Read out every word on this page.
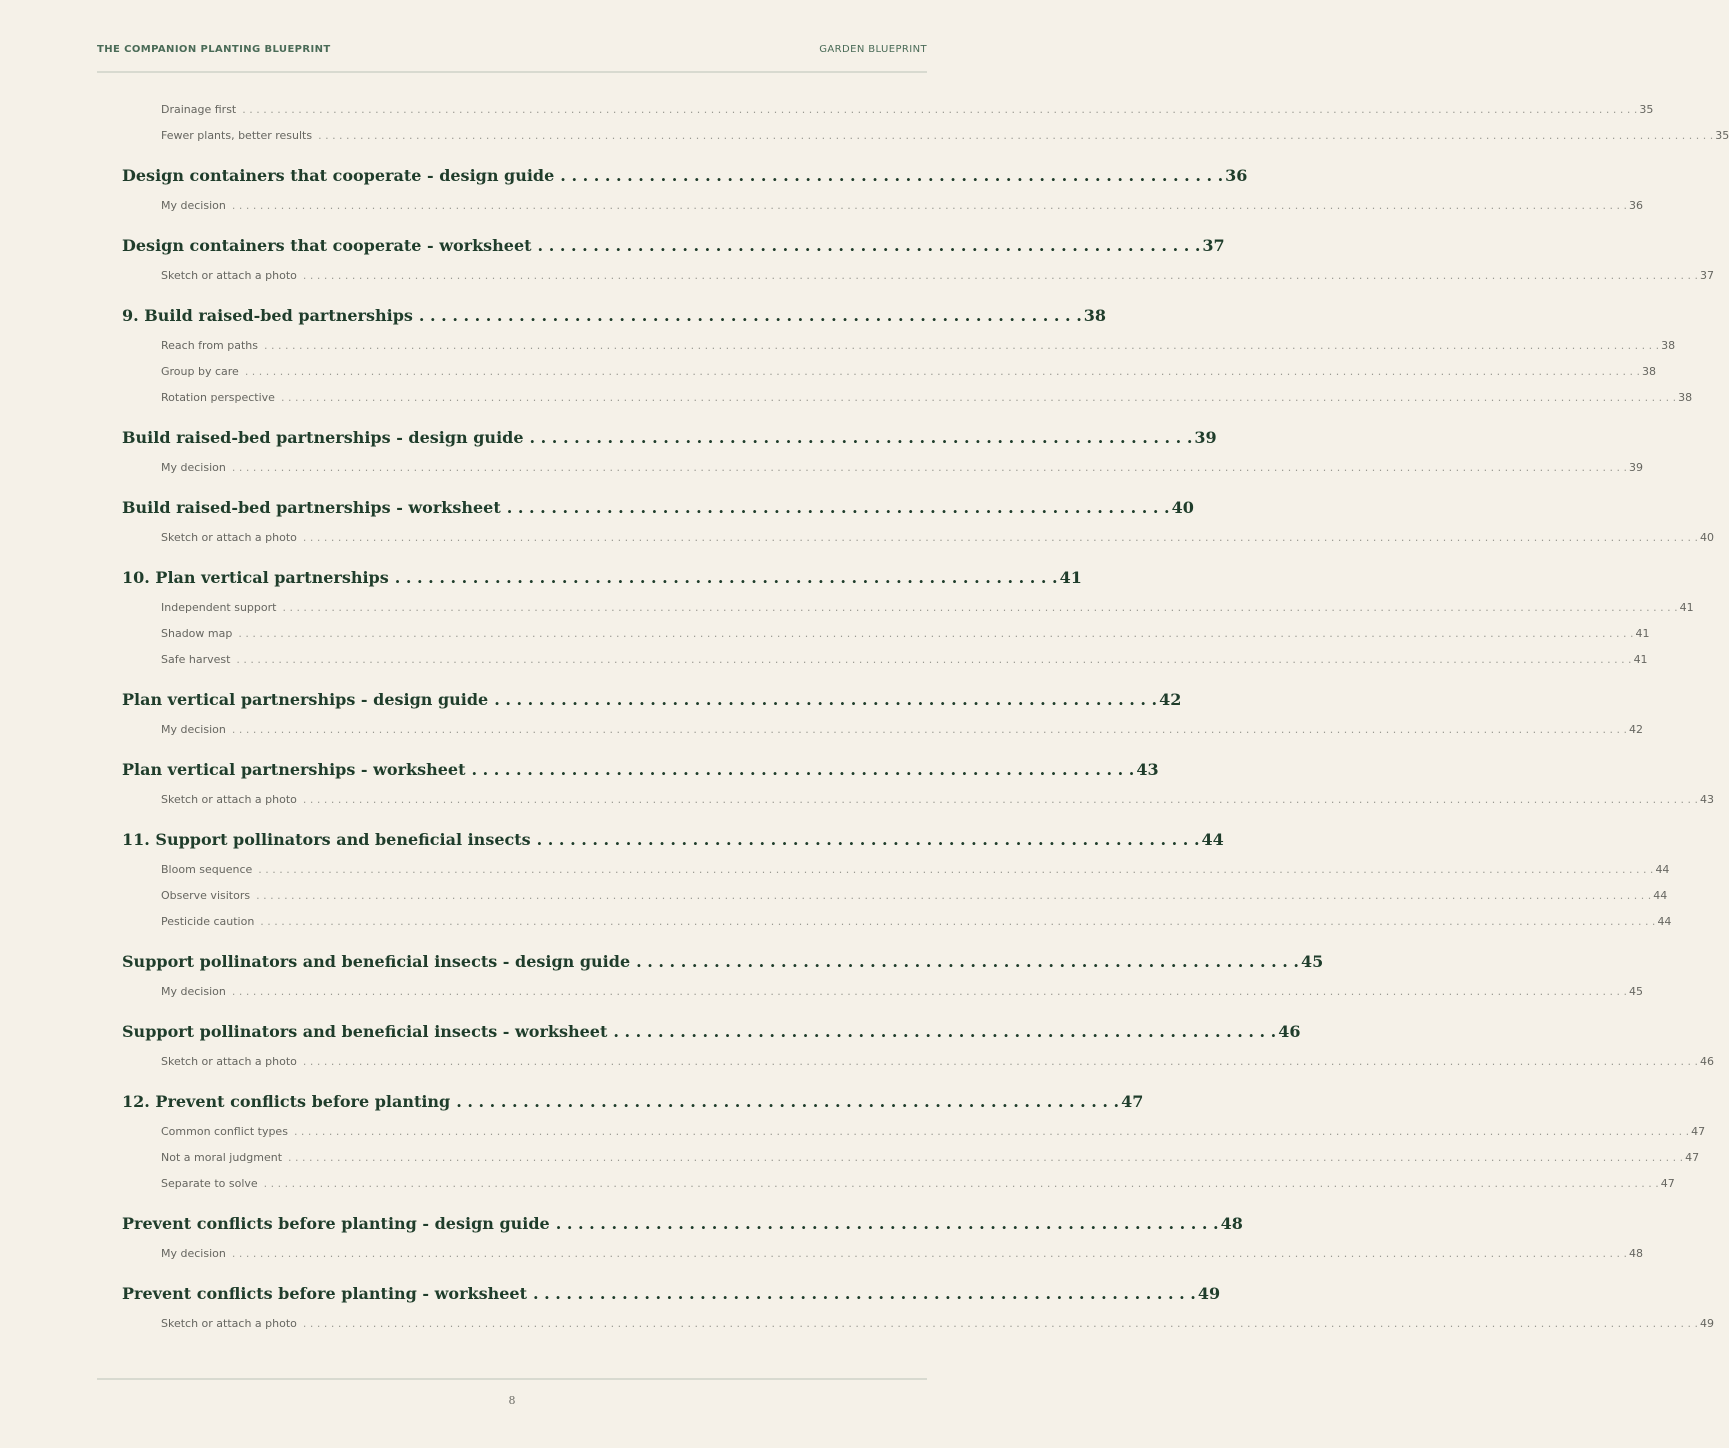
THE COMPANION PLANTING BLUEPRINT	GARDEN BLUEPRINT
Drainage first . . . . . . . . . . . . . . . . . . . . . . . . . . . . . . . . . . . . . . . . . . . . . . . . . . . . . . . . . . . . . . . . . . . . . . . . . . . . . . . . . . . . . . . . . . . . . . . . . . . . . . . . . . . . . . . . . . . . . . . . . . . . . . . . . . . . . . . . . . . . . . . . . . . . . . . . . . . . . . . . . . . . . . . . . . . . . . . . . . . . . . . . . . . . . . . . . . . . . . . . 35
Fewer plants, better results . . . . . . . . . . . . . . . . . . . . . . . . . . . . . . . . . . . . . . . . . . . . . . . . . . . . . . . . . . . . . . . . . . . . . . . . . . . . . . . . . . . . . . . . . . . . . . . . . . . . . . . . . . . . . . . . . . . . . . . . . . . . . . . . . . . . . . . . . . . . . . . . . . . . . . . . . . . . . . . . . . . . . . . . . . . . . . . . . . . . . . . . . . . . . . . . . . . . . . . . 35
Design containers that cooperate - design guide . . . . . . . . . . . . . . . . . . . . . . . . . . . . . . . . . . . . . . . . . . . . . . . . . . . . . . . . . . . . 36
My decision . . . . . . . . . . . . . . . . . . . . . . . . . . . . . . . . . . . . . . . . . . . . . . . . . . . . . . . . . . . . . . . . . . . . . . . . . . . . . . . . . . . . . . . . . . . . . . . . . . . . . . . . . . . . . . . . . . . . . . . . . . . . . . . . . . . . . . . . . . . . . . . . . . . . . . . . . . . . . . . . . . . . . . . . . . . . . . . . . . . . . . . . . . . . . . . . . . . . . . . . 36
Design containers that cooperate - worksheet . . . . . . . . . . . . . . . . . . . . . . . . . . . . . . . . . . . . . . . . . . . . . . . . . . . . . . . . . . . . 37
Sketch or attach a photo . . . . . . . . . . . . . . . . . . . . . . . . . . . . . . . . . . . . . . . . . . . . . . . . . . . . . . . . . . . . . . . . . . . . . . . . . . . . . . . . . . . . . . . . . . . . . . . . . . . . . . . . . . . . . . . . . . . . . . . . . . . . . . . . . . . . . . . . . . . . . . . . . . . . . . . . . . . . . . . . . . . . . . . . . . . . . . . . . . . . . . . . . . . . . . . . . . . . . . . . 37
9. Build raised-bed partnerships . . . . . . . . . . . . . . . . . . . . . . . . . . . . . . . . . . . . . . . . . . . . . . . . . . . . . . . . . . . . 38
Reach from paths . . . . . . . . . . . . . . . . . . . . . . . . . . . . . . . . . . . . . . . . . . . . . . . . . . . . . . . . . . . . . . . . . . . . . . . . . . . . . . . . . . . . . . . . . . . . . . . . . . . . . . . . . . . . . . . . . . . . . . . . . . . . . . . . . . . . . . . . . . . . . . . . . . . . . . . . . . . . . . . . . . . . . . . . . . . . . . . . . . . . . . . . . . . . . . . . . . . . . . . . 38
Group by care . . . . . . . . . . . . . . . . . . . . . . . . . . . . . . . . . . . . . . . . . . . . . . . . . . . . . . . . . . . . . . . . . . . . . . . . . . . . . . . . . . . . . . . . . . . . . . . . . . . . . . . . . . . . . . . . . . . . . . . . . . . . . . . . . . . . . . . . . . . . . . . . . . . . . . . . . . . . . . . . . . . . . . . . . . . . . . . . . . . . . . . . . . . . . . . . . . . . . . . . 38
Rotation perspective . . . . . . . . . . . . . . . . . . . . . . . . . . . . . . . . . . . . . . . . . . . . . . . . . . . . . . . . . . . . . . . . . . . . . . . . . . . . . . . . . . . . . . . . . . . . . . . . . . . . . . . . . . . . . . . . . . . . . . . . . . . . . . . . . . . . . . . . . . . . . . . . . . . . . . . . . . . . . . . . . . . . . . . . . . . . . . . . . . . . . . . . . . . . . . . . . . . . . . . . 38
Build raised-bed partnerships - design guide . . . . . . . . . . . . . . . . . . . . . . . . . . . . . . . . . . . . . . . . . . . . . . . . . . . . . . . . . . . . 39
My decision . . . . . . . . . . . . . . . . . . . . . . . . . . . . . . . . . . . . . . . . . . . . . . . . . . . . . . . . . . . . . . . . . . . . . . . . . . . . . . . . . . . . . . . . . . . . . . . . . . . . . . . . . . . . . . . . . . . . . . . . . . . . . . . . . . . . . . . . . . . . . . . . . . . . . . . . . . . . . . . . . . . . . . . . . . . . . . . . . . . . . . . . . . . . . . . . . . . . . . . . 39
Build raised-bed partnerships - worksheet . . . . . . . . . . . . . . . . . . . . . . . . . . . . . . . . . . . . . . . . . . . . . . . . . . . . . . . . . . . . 40
Sketch or attach a photo . . . . . . . . . . . . . . . . . . . . . . . . . . . . . . . . . . . . . . . . . . . . . . . . . . . . . . . . . . . . . . . . . . . . . . . . . . . . . . . . . . . . . . . . . . . . . . . . . . . . . . . . . . . . . . . . . . . . . . . . . . . . . . . . . . . . . . . . . . . . . . . . . . . . . . . . . . . . . . . . . . . . . . . . . . . . . . . . . . . . . . . . . . . . . . . . . . . . . . . . 40
10. Plan vertical partnerships . . . . . . . . . . . . . . . . . . . . . . . . . . . . . . . . . . . . . . . . . . . . . . . . . . . . . . . . . . . . 41
Independent support . . . . . . . . . . . . . . . . . . . . . . . . . . . . . . . . . . . . . . . . . . . . . . . . . . . . . . . . . . . . . . . . . . . . . . . . . . . . . . . . . . . . . . . . . . . . . . . . . . . . . . . . . . . . . . . . . . . . . . . . . . . . . . . . . . . . . . . . . . . . . . . . . . . . . . . . . . . . . . . . . . . . . . . . . . . . . . . . . . . . . . . . . . . . . . . . . . . . . . . . 41
Shadow map . . . . . . . . . . . . . . . . . . . . . . . . . . . . . . . . . . . . . . . . . . . . . . . . . . . . . . . . . . . . . . . . . . . . . . . . . . . . . . . . . . . . . . . . . . . . . . . . . . . . . . . . . . . . . . . . . . . . . . . . . . . . . . . . . . . . . . . . . . . . . . . . . . . . . . . . . . . . . . . . . . . . . . . . . . . . . . . . . . . . . . . . . . . . . . . . . . . . . . . . 41
Safe harvest . . . . . . . . . . . . . . . . . . . . . . . . . . . . . . . . . . . . . . . . . . . . . . . . . . . . . . . . . . . . . . . . . . . . . . . . . . . . . . . . . . . . . . . . . . . . . . . . . . . . . . . . . . . . . . . . . . . . . . . . . . . . . . . . . . . . . . . . . . . . . . . . . . . . . . . . . . . . . . . . . . . . . . . . . . . . . . . . . . . . . . . . . . . . . . . . . . . . . . . . 41
Plan vertical partnerships - design guide . . . . . . . . . . . . . . . . . . . . . . . . . . . . . . . . . . . . . . . . . . . . . . . . . . . . . . . . . . . . 42
My decision . . . . . . . . . . . . . . . . . . . . . . . . . . . . . . . . . . . . . . . . . . . . . . . . . . . . . . . . . . . . . . . . . . . . . . . . . . . . . . . . . . . . . . . . . . . . . . . . . . . . . . . . . . . . . . . . . . . . . . . . . . . . . . . . . . . . . . . . . . . . . . . . . . . . . . . . . . . . . . . . . . . . . . . . . . . . . . . . . . . . . . . . . . . . . . . . . . . . . . . . 42
Plan vertical partnerships - worksheet . . . . . . . . . . . . . . . . . . . . . . . . . . . . . . . . . . . . . . . . . . . . . . . . . . . . . . . . . . . . 43
Sketch or attach a photo . . . . . . . . . . . . . . . . . . . . . . . . . . . . . . . . . . . . . . . . . . . . . . . . . . . . . . . . . . . . . . . . . . . . . . . . . . . . . . . . . . . . . . . . . . . . . . . . . . . . . . . . . . . . . . . . . . . . . . . . . . . . . . . . . . . . . . . . . . . . . . . . . . . . . . . . . . . . . . . . . . . . . . . . . . . . . . . . . . . . . . . . . . . . . . . . . . . . . . . . 43
11. Support pollinators and beneficial insects . . . . . . . . . . . . . . . . . . . . . . . . . . . . . . . . . . . . . . . . . . . . . . . . . . . . . . . . . . . . 44
Bloom sequence . . . . . . . . . . . . . . . . . . . . . . . . . . . . . . . . . . . . . . . . . . . . . . . . . . . . . . . . . . . . . . . . . . . . . . . . . . . . . . . . . . . . . . . . . . . . . . . . . . . . . . . . . . . . . . . . . . . . . . . . . . . . . . . . . . . . . . . . . . . . . . . . . . . . . . . . . . . . . . . . . . . . . . . . . . . . . . . . . . . . . . . . . . . . . . . . . . . . . . . . 44
Observe visitors . . . . . . . . . . . . . . . . . . . . . . . . . . . . . . . . . . . . . . . . . . . . . . . . . . . . . . . . . . . . . . . . . . . . . . . . . . . . . . . . . . . . . . . . . . . . . . . . . . . . . . . . . . . . . . . . . . . . . . . . . . . . . . . . . . . . . . . . . . . . . . . . . . . . . . . . . . . . . . . . . . . . . . . . . . . . . . . . . . . . . . . . . . . . . . . . . . . . . . . . 44
Pesticide caution . . . . . . . . . . . . . . . . . . . . . . . . . . . . . . . . . . . . . . . . . . . . . . . . . . . . . . . . . . . . . . . . . . . . . . . . . . . . . . . . . . . . . . . . . . . . . . . . . . . . . . . . . . . . . . . . . . . . . . . . . . . . . . . . . . . . . . . . . . . . . . . . . . . . . . . . . . . . . . . . . . . . . . . . . . . . . . . . . . . . . . . . . . . . . . . . . . . . . . . . 44
Support pollinators and beneficial insects - design guide . . . . . . . . . . . . . . . . . . . . . . . . . . . . . . . . . . . . . . . . . . . . . . . . . . . . . . . . . . . . 45
My decision . . . . . . . . . . . . . . . . . . . . . . . . . . . . . . . . . . . . . . . . . . . . . . . . . . . . . . . . . . . . . . . . . . . . . . . . . . . . . . . . . . . . . . . . . . . . . . . . . . . . . . . . . . . . . . . . . . . . . . . . . . . . . . . . . . . . . . . . . . . . . . . . . . . . . . . . . . . . . . . . . . . . . . . . . . . . . . . . . . . . . . . . . . . . . . . . . . . . . . . . 45
Support pollinators and beneficial insects - worksheet . . . . . . . . . . . . . . . . . . . . . . . . . . . . . . . . . . . . . . . . . . . . . . . . . . . . . . . . . . . . 46
Sketch or attach a photo . . . . . . . . . . . . . . . . . . . . . . . . . . . . . . . . . . . . . . . . . . . . . . . . . . . . . . . . . . . . . . . . . . . . . . . . . . . . . . . . . . . . . . . . . . . . . . . . . . . . . . . . . . . . . . . . . . . . . . . . . . . . . . . . . . . . . . . . . . . . . . . . . . . . . . . . . . . . . . . . . . . . . . . . . . . . . . . . . . . . . . . . . . . . . . . . . . . . . . . . 46
12. Prevent conflicts before planting . . . . . . . . . . . . . . . . . . . . . . . . . . . . . . . . . . . . . . . . . . . . . . . . . . . . . . . . . . . . 47
Common conflict types . . . . . . . . . . . . . . . . . . . . . . . . . . . . . . . . . . . . . . . . . . . . . . . . . . . . . . . . . . . . . . . . . . . . . . . . . . . . . . . . . . . . . . . . . . . . . . . . . . . . . . . . . . . . . . . . . . . . . . . . . . . . . . . . . . . . . . . . . . . . . . . . . . . . . . . . . . . . . . . . . . . . . . . . . . . . . . . . . . . . . . . . . . . . . . . . . . . . . . . . 47
Not a moral judgment . . . . . . . . . . . . . . . . . . . . . . . . . . . . . . . . . . . . . . . . . . . . . . . . . . . . . . . . . . . . . . . . . . . . . . . . . . . . . . . . . . . . . . . . . . . . . . . . . . . . . . . . . . . . . . . . . . . . . . . . . . . . . . . . . . . . . . . . . . . . . . . . . . . . . . . . . . . . . . . . . . . . . . . . . . . . . . . . . . . . . . . . . . . . . . . . . . . . . . . . 47
Separate to solve . . . . . . . . . . . . . . . . . . . . . . . . . . . . . . . . . . . . . . . . . . . . . . . . . . . . . . . . . . . . . . . . . . . . . . . . . . . . . . . . . . . . . . . . . . . . . . . . . . . . . . . . . . . . . . . . . . . . . . . . . . . . . . . . . . . . . . . . . . . . . . . . . . . . . . . . . . . . . . . . . . . . . . . . . . . . . . . . . . . . . . . . . . . . . . . . . . . . . . . . 47
Prevent conflicts before planting - design guide . . . . . . . . . . . . . . . . . . . . . . . . . . . . . . . . . . . . . . . . . . . . . . . . . . . . . . . . . . . . 48
My decision . . . . . . . . . . . . . . . . . . . . . . . . . . . . . . . . . . . . . . . . . . . . . . . . . . . . . . . . . . . . . . . . . . . . . . . . . . . . . . . . . . . . . . . . . . . . . . . . . . . . . . . . . . . . . . . . . . . . . . . . . . . . . . . . . . . . . . . . . . . . . . . . . . . . . . . . . . . . . . . . . . . . . . . . . . . . . . . . . . . . . . . . . . . . . . . . . . . . . . . . 48
Prevent conflicts before planting - worksheet . . . . . . . . . . . . . . . . . . . . . . . . . . . . . . . . . . . . . . . . . . . . . . . . . . . . . . . . . . . . 49
Sketch or attach a photo . . . . . . . . . . . . . . . . . . . . . . . . . . . . . . . . . . . . . . . . . . . . . . . . . . . . . . . . . . . . . . . . . . . . . . . . . . . . . . . . . . . . . . . . . . . . . . . . . . . . . . . . . . . . . . . . . . . . . . . . . . . . . . . . . . . . . . . . . . . . . . . . . . . . . . . . . . . . . . . . . . . . . . . . . . . . . . . . . . . . . . . . . . . . . . . . . . . . . . . . 49
8
